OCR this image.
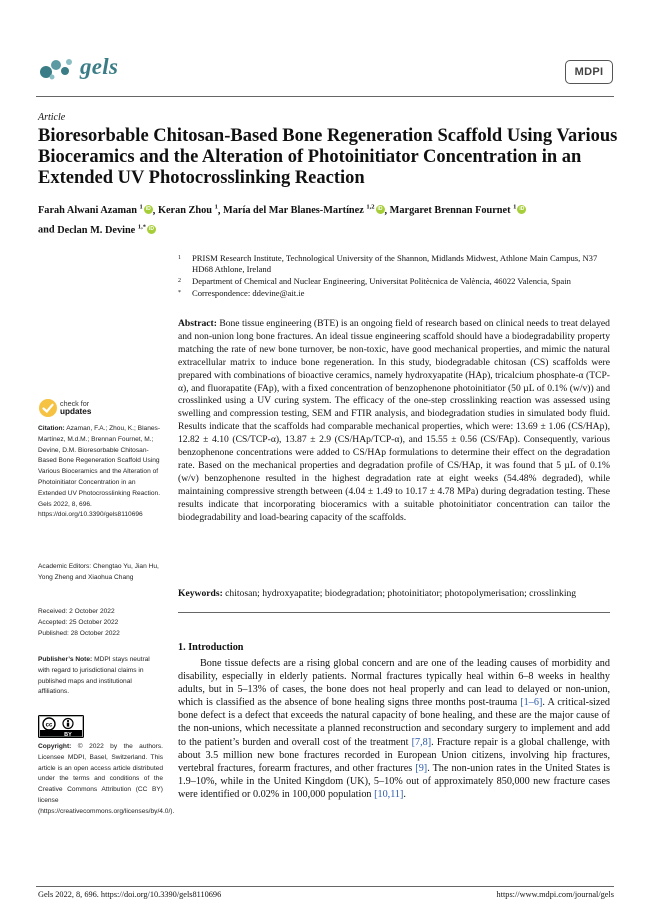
gels	MDPI
Article
Bioresorbable Chitosan-Based Bone Regeneration Scaffold Using Various Bioceramics and the Alteration of Photoinitiator Concentration in an Extended UV Photocrosslinking Reaction
Farah Alwani Azaman $^1$ iD , Keran Zhou $^1$, María del Mar Blanes-Martínez $^{1,2}$ iD , Margaret Brennan Fournet $^1$iD
and Declan M. Devine $^{1,*}$iD
1	PRISM Research Institute, Technological University of the Shannon, Midlands Midwest, Athlone Main Campus, N37 HD68 Athlone, Ireland
2	Department of Chemical and Nuclear Engineering, Universitat Politècnica de València, 46022 Valencia, Spain
*	Correspondence: ddevine@ait.ie
Abstract: Bone tissue engineering (BTE) is an ongoing field of research based on clinical needs to treat delayed and non-union long bone fractures. An ideal tissue engineering scaffold should have a biodegradability property matching the rate of new bone turnover, be non-toxic, have good mechanical properties, and mimic the natural extracellular matrix to induce bone regeneration. In this study, biodegradable chitosan (CS) scaffolds were prepared with combinations of bioactive ceramics, namely hydroxyapatite (HAp), tricalcium phosphate-α (TCP- α), and fluorapatite (FAp), with a fixed concentration of benzophenone photoinitiator (50 µL of 0.1% (w/v)) and crosslinked using a UV curing system. The efficacy of the one-step crosslinking reaction was assessed using swelling and compression testing, SEM and FTIR analysis, and biodegradation studies in simulated body fluid. Results indicate that the scaffolds had comparable mechanical properties, which were: 13.69 ± 1.06 (CS/HAp), 12.82 ± 4.10 (CS/TCP-α), 13.87 ± 2.9 (CS/HAp/TCP-α), and 15.55 ± 0.56 (CS/FAp). Consequently, various benzophenone concentrations were added to CS/HAp formulations to determine their effect on the degradation rate. Based on the mechanical properties and degradation profile of CS/HAp, it was found that 5 µL of 0.1% (w/v) benzophenone resulted in the highest degradation rate at eight weeks (54.48% degraded), while maintaining compressive strength between (4.04 ± 1.49 to 10.17 ± 4.78 MPa) during degradation testing. These results indicate that incorporating bioceramics with a suitable photoinitiator concentration can tailor the biodegradability and load-bearing capacity of the scaffolds.
Keywords: chitosan; hydroxyapatite; biodegradation; photoinitiator; photopolymerisation; crosslinking
1. Introduction
Bone tissue defects are a rising global concern and are one of the leading causes of morbidity and disability, especially in elderly patients. Normal fractures typically heal within 6–8 weeks in healthy adults, but in 5–13% of cases, the bone does not heal properly and can lead to delayed or non-union, which is classified as the absence of bone healing signs three months post-trauma [1–6]. A critical-sized bone defect is a defect that exceeds the natural capacity of bone healing, and these are the major cause of the non-unions, which necessitate a planned reconstruction and secondary surgery to implement and add to the patient’s burden and overall cost of the treatment [7,8]. Fracture repair is a global challenge, with about 3.5 million new bone fractures recorded in European Union citizens, involving hip fractures, vertebral fractures, forearm fractures, and other fractures [9]. The non-union rates in the United States is 1.9–10%, while in the United Kingdom (UK), 5–10% out of approximately 850,000 new fracture cases were identified or 0.02% in 100,000 population [10,11].
check for
updates
Citation: Azaman, F.A.; Zhou, K.; Blanes-Martínez, M.d.M.; Brennan Fournet, M.; Devine, D.M. Bioresorbable Chitosan-Based Bone Regeneration Scaffold Using Various Bioceramics and the Alteration of Photoinitiator Concentration in an Extended UV Photocrosslinking Reaction. Gels 2022, 8, 696. https://doi.org/10.3390/gels8110696
Academic Editors: Chengtao Yu, Jian Hu, Yong Zheng and Xiaohua Chang
Received: 2 October 2022
Accepted: 25 October 2022
Published: 28 October 2022
Publisher’s Note: MDPI stays neutral with regard to jurisdictional claims in published maps and institutional affiliations.
cc
BY
Copyright: © 2022 by the authors. Licensee MDPI, Basel, Switzerland. This article is an open access article distributed under the terms and conditions of the Creative Commons Attribution (CC BY) license (https://creativecommons.org/licenses/by/4.0/).
Gels 2022, 8, 696. https://doi.org/10.3390/gels8110696	https://www.mdpi.com/journal/gels
